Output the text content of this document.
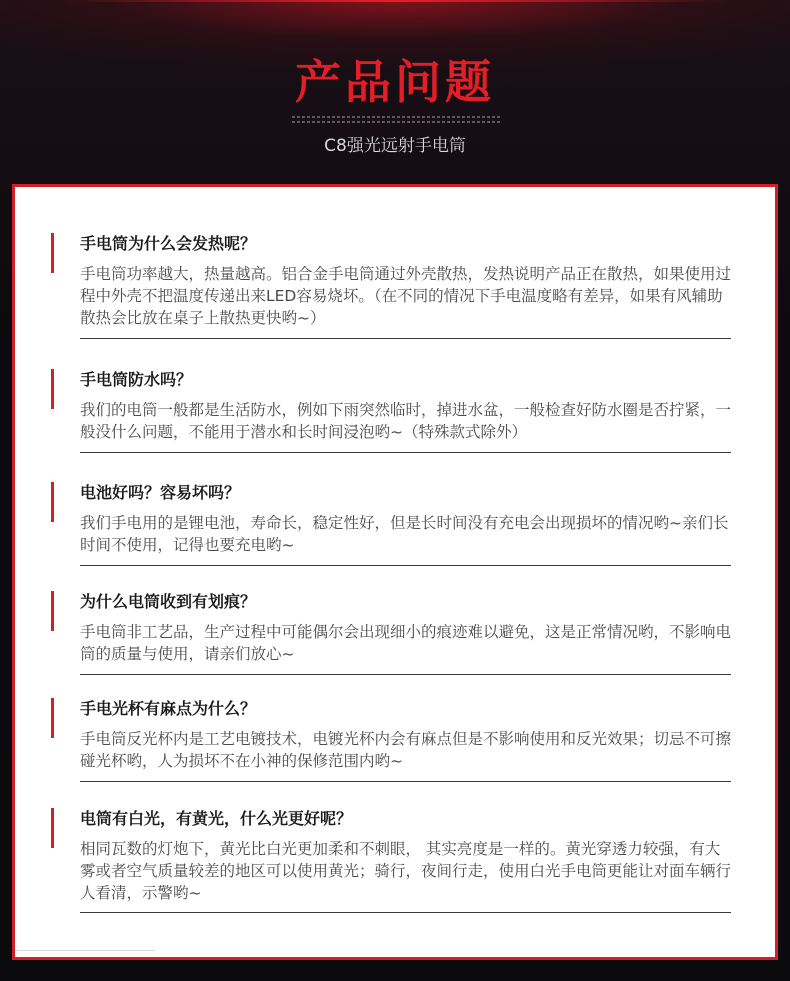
产品问题
C8强光远射手电筒
手电筒为什么会发热呢？
手电筒功率越大，热量越高。铝合金手电筒通过外壳散热，发热说明产品正在散热，如果使用过程中外壳不把温度传递出来LED容易烧坏。（在不同的情况下手电温度略有差异，如果有风辅助散热会比放在桌子上散热更快哟~）
手电筒防水吗？
我们的电筒一般都是生活防水，例如下雨突然临时，掉进水盆，一般检查好防水圈是否拧紧，一般没什么问题，不能用于潜水和长时间浸泡哟~（特殊款式除外）
电池好吗？容易坏吗？
我们手电用的是锂电池，寿命长，稳定性好，但是长时间没有充电会出现损坏的情况哟~亲们长时间不使用，记得也要充电哟~
为什么电筒收到有划痕？
手电筒非工艺品，生产过程中可能偶尔会出现细小的痕迹难以避免，这是正常情况哟，不影响电筒的质量与使用，请亲们放心~
手电光杯有麻点为什么？
手电筒反光杯内是工艺电镀技术，电镀光杯内会有麻点但是不影响使用和反光效果；切忌不可擦碰光杯哟，人为损坏不在小神的保修范围内哟~
电筒有白光，有黄光，什么光更好呢？
相同瓦数的灯炮下，黄光比白光更加柔和不刺眼， 其实亮度是一样的。黄光穿透力较强，有大雾或者空气质量较差的地区可以使用黄光；骑行，夜间行走，使用白光手电筒更能让对面车辆行人看清，示警哟~
